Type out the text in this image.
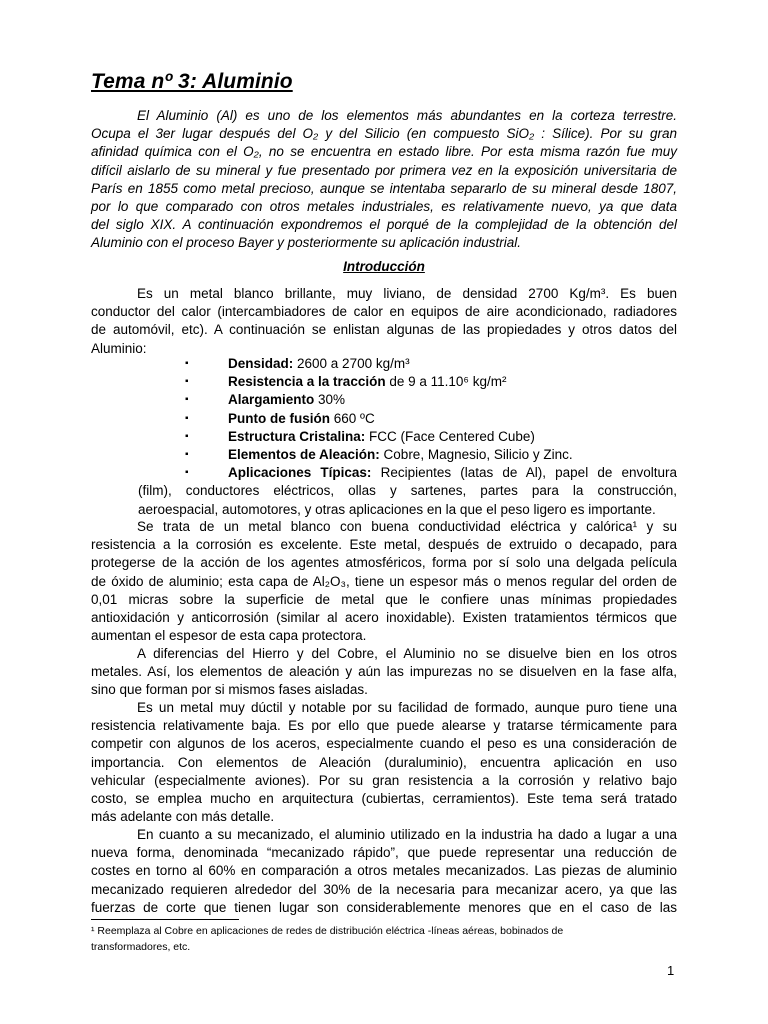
Tema nº 3: Aluminio
El Aluminio (Al) es uno de los elementos más abundantes en la corteza terrestre.
Ocupa el 3er lugar después del O₂ y del Silicio (en compuesto SiO₂ : Sílice). Por su gran
afinidad química con el O₂, no se encuentra en estado libre. Por esta misma razón fue muy
difícil aislarlo de su mineral y fue presentado por primera vez en la exposición universitaria de
París en 1855 como metal precioso, aunque se intentaba separarlo de su mineral desde 1807,
por lo que comparado con otros metales industriales, es relativamente nuevo, ya que data
del siglo XIX. A continuación expondremos el porqué de la complejidad de la obtención del
Aluminio con el proceso Bayer y posteriormente su aplicación industrial.
Introducción
Es un metal blanco brillante, muy liviano, de densidad 2700 Kg/m³. Es buen
conductor del calor (intercambiadores de calor en equipos de aire acondicionado, radiadores
de automóvil, etc). A continuación se enlistan algunas de las propiedades y otros datos del
Aluminio:
▪	Densidad: 2600 a 2700 kg/m³
▪	Resistencia a la tracción de 9 a 11.10⁶ kg/m²
▪	Alargamiento 30%
▪	Punto de fusión 660 ºC
▪	Estructura Cristalina: FCC (Face Centered Cube)
▪	Elementos de Aleación: Cobre, Magnesio, Silicio y Zinc.
▪	Aplicaciones Típicas: Recipientes (latas de Al), papel de envoltura
(film), conductores eléctricos, ollas y sartenes, partes para la construcción,
aeroespacial, automotores, y otras aplicaciones en la que el peso ligero es importante.
Se trata de un metal blanco con buena conductividad eléctrica y calórica¹ y su
resistencia a la corrosión es excelente. Este metal, después de extruido o decapado, para
protegerse de la acción de los agentes atmosféricos, forma por sí solo una delgada película
de óxido de aluminio; esta capa de Al₂O₃, tiene un espesor más o menos regular del orden de
0,01 micras sobre la superficie de metal que le confiere unas mínimas propiedades
antioxidación y anticorrosión (similar al acero inoxidable). Existen tratamientos térmicos que
aumentan el espesor de esta capa protectora.
A diferencias del Hierro y del Cobre, el Aluminio no se disuelve bien en los otros
metales. Así, los elementos de aleación y aún las impurezas no se disuelven en la fase alfa,
sino que forman por si mismos fases aisladas.
Es un metal muy dúctil y notable por su facilidad de formado, aunque puro tiene una
resistencia relativamente baja. Es por ello que puede alearse y tratarse térmicamente para
competir con algunos de los aceros, especialmente cuando el peso es una consideración de
importancia. Con elementos de Aleación (duraluminio), encuentra aplicación en uso
vehicular (especialmente aviones). Por su gran resistencia a la corrosión y relativo bajo
costo, se emplea mucho en arquitectura (cubiertas, cerramientos). Este tema será tratado
más adelante con más detalle.
En cuanto a su mecanizado, el aluminio utilizado en la industria ha dado a lugar a una
nueva forma, denominada “mecanizado rápido”, que puede representar una reducción de
costes en torno al 60% en comparación a otros metales mecanizados. Las piezas de aluminio
mecanizado requieren alrededor del 30% de la necesaria para mecanizar acero, ya que las
fuerzas de corte que tienen lugar son considerablemente menores que en el caso de las
¹ Reemplaza al Cobre en aplicaciones de redes de distribución eléctrica -líneas aéreas, bobinados de
transformadores, etc.
1
